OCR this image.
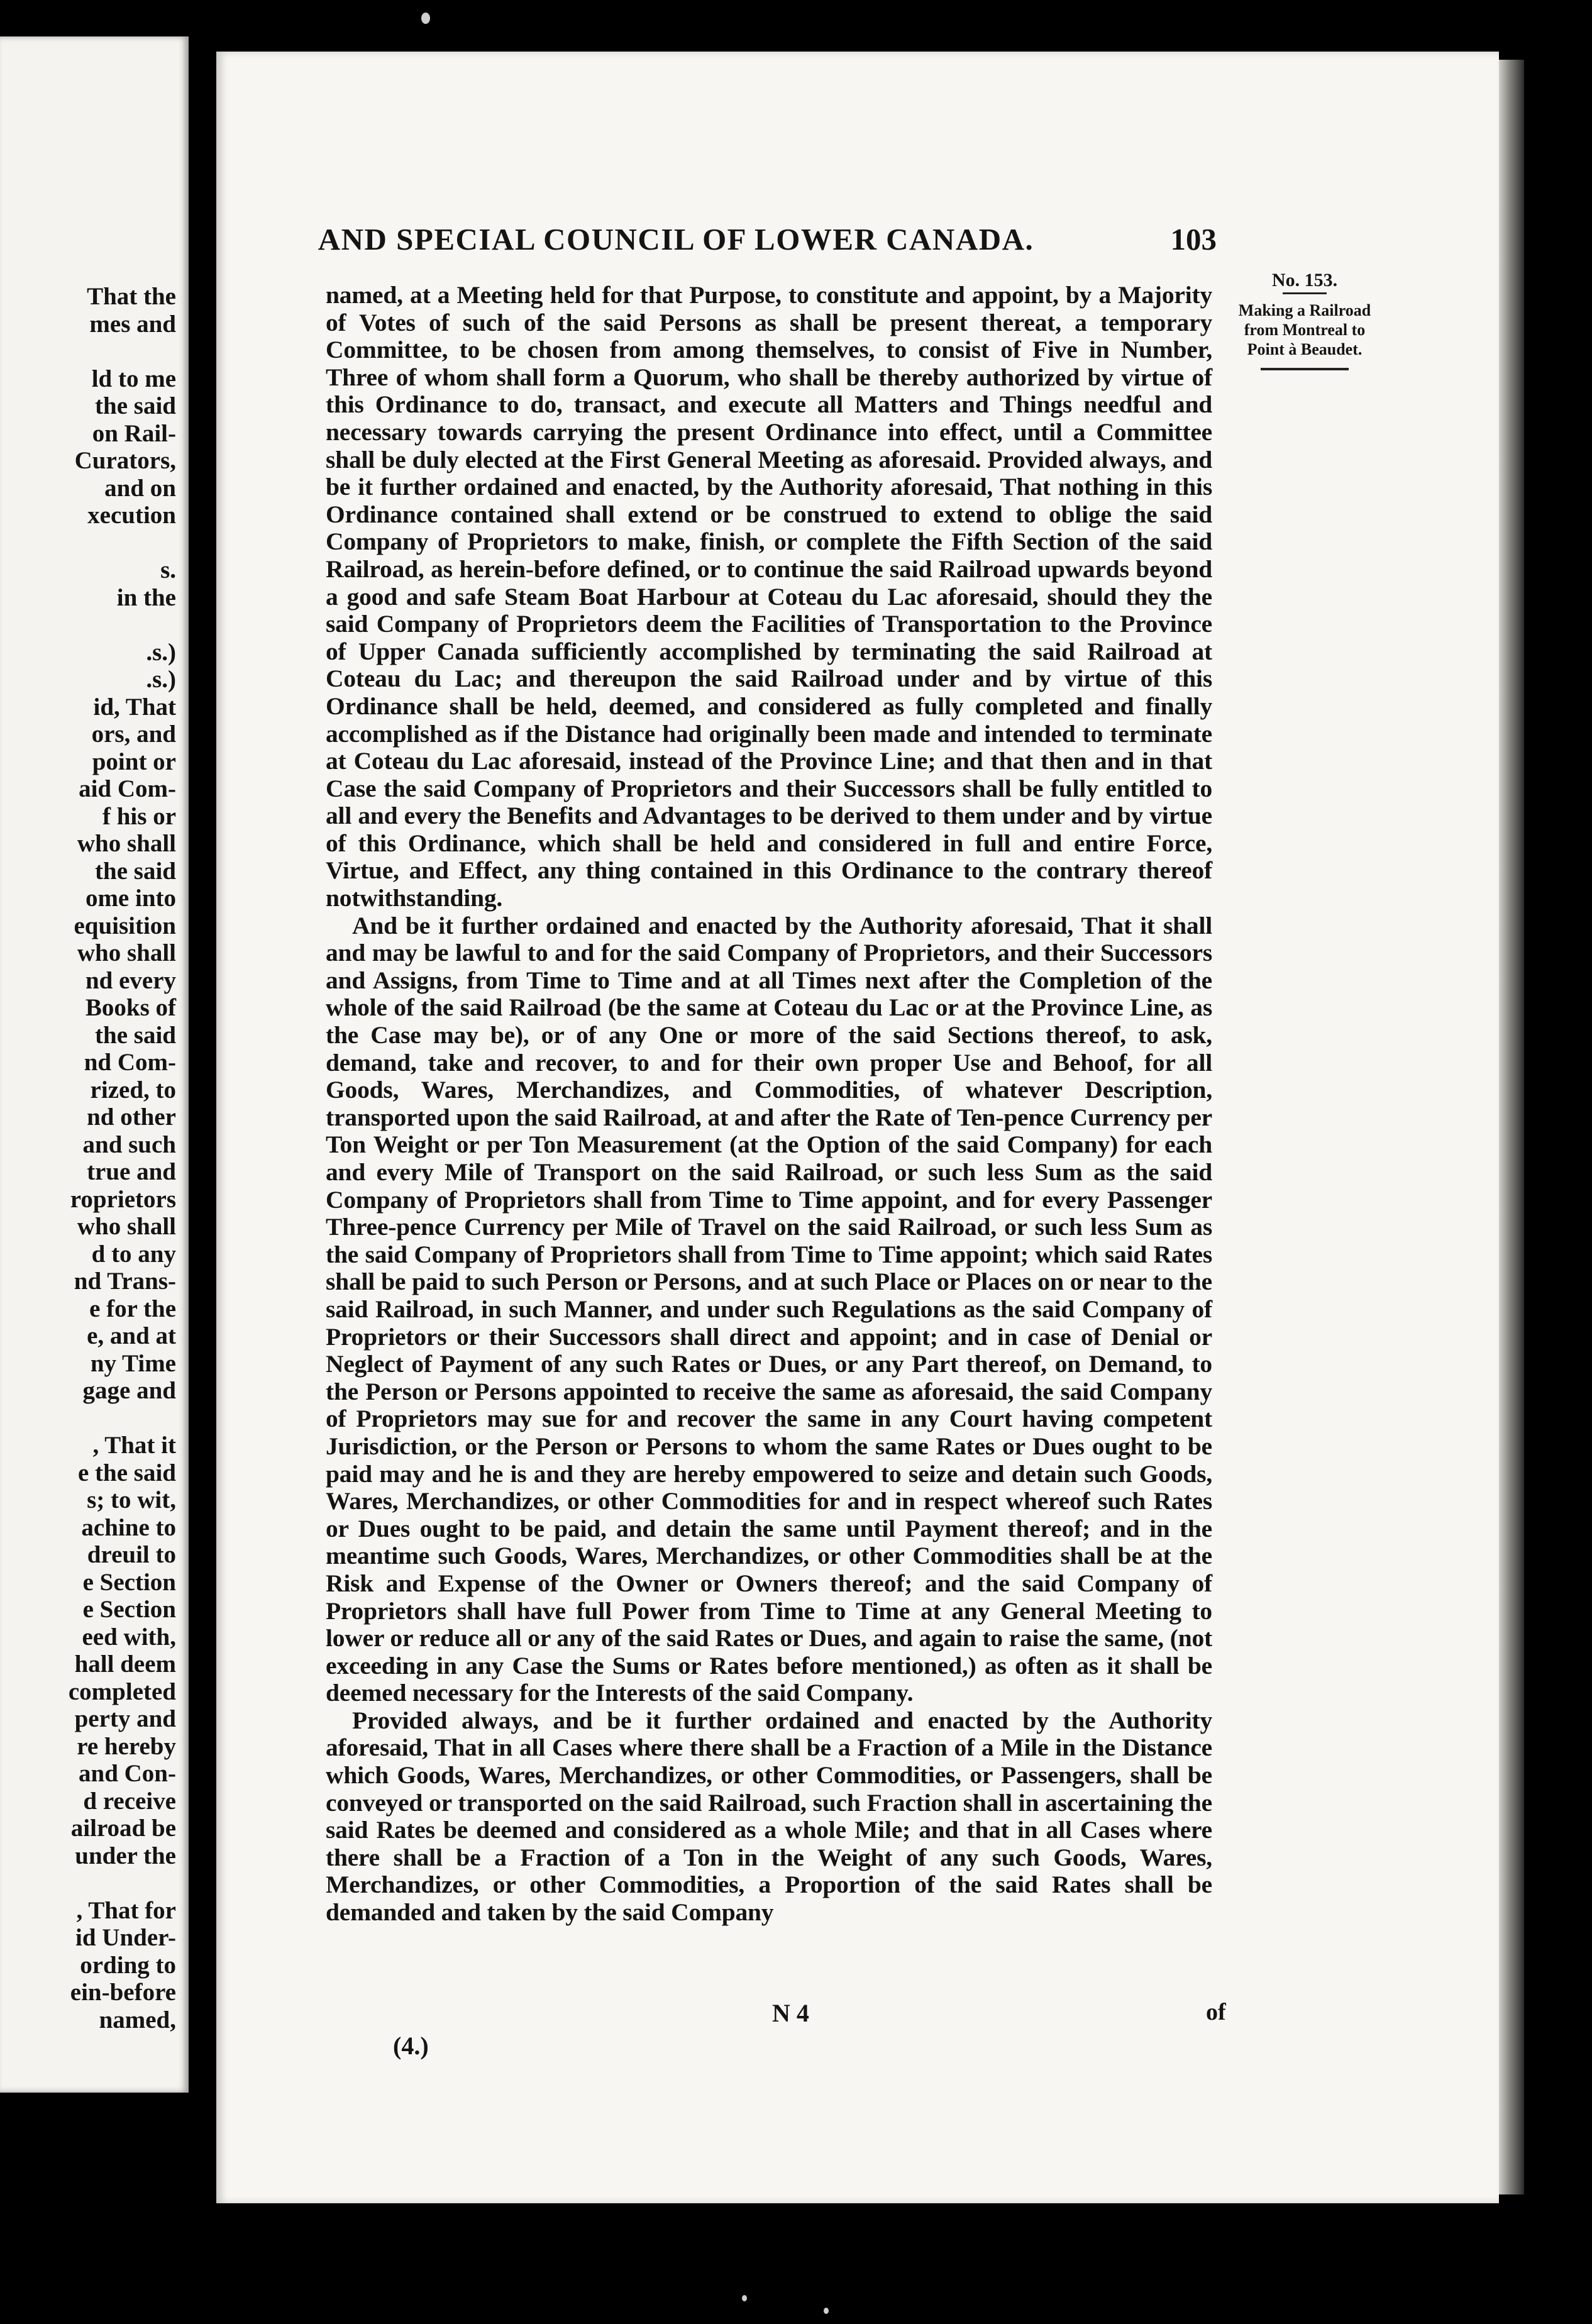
That the
mes and
ld to me
the said
on Rail-
Curators,
and on
xecution
s.
in the
.s.)
.s.)
id, That
ors, and
point or
aid Com-
f his or
who shall
the said
ome into
equisition
who shall
nd every
Books of
the said
nd Com-
rized, to
nd other
and such
true and
roprietors
who shall
d to any
nd Trans-
e for the
e, and at
ny Time
gage and
, That it
e the said
s; to wit,
achine to
dreuil to
e Section
e Section
eed with,
hall deem
completed
perty and
re hereby
and Con-
d receive
ailroad be
under the
, That for
id Under-
ording to
ein-before
named,
AND SPECIAL COUNCIL OF LOWER CANADA.	103
No. 153.
Making a Railroad
from Montreal to
Point à Beaudet.

named, at a Meeting held for that Purpose, to constitute and appoint, by a Majority of Votes of such of the said Persons as shall be present thereat, a temporary Committee, to be chosen from among themselves, to consist of Five in Number, Three of whom shall form a Quorum, who shall be thereby authorized by virtue of this Ordinance to do, transact, and execute all Matters and Things needful and necessary towards carrying the present Ordinance into effect, until a Committee shall be duly elected at the First General Meeting as aforesaid. Provided always, and be it further ordained and enacted, by the Authority aforesaid, That nothing in this Ordinance contained shall extend or be construed to extend to oblige the said Company of Proprietors to make, finish, or complete the Fifth Section of the said Railroad, as herein-before defined, or to continue the said Railroad upwards beyond a good and safe Steam Boat Harbour at Coteau du Lac aforesaid, should they the said Company of Proprietors deem the Facilities of Transportation to the Province of Upper Canada sufficiently accomplished by terminating the said Railroad at Coteau du Lac; and thereupon the said Railroad under and by virtue of this Ordinance shall be held, deemed, and considered as fully completed and finally accomplished as if the Distance had originally been made and intended to terminate at Coteau du Lac aforesaid, instead of the Province Line; and that then and in that Case the said Company of Proprietors and their Successors shall be fully entitled to all and every the Benefits and Advantages to be derived to them under and by virtue of this Ordinance, which shall be held and considered in full and entire Force, Virtue, and Effect, any thing contained in this Ordinance to the contrary thereof notwithstanding.

And be it further ordained and enacted by the Authority aforesaid, That it shall and may be lawful to and for the said Company of Proprietors, and their Successors and Assigns, from Time to Time and at all Times next after the Completion of the whole of the said Railroad (be the same at Coteau du Lac or at the Province Line, as the Case may be), or of any One or more of the said Sections thereof, to ask, demand, take and recover, to and for their own proper Use and Behoof, for all Goods, Wares, Merchandizes, and Commodities, of whatever Description, transported upon the said Railroad, at and after the Rate of Ten-pence Currency per Ton Weight or per Ton Measurement (at the Option of the said Company) for each and every Mile of Transport on the said Railroad, or such less Sum as the said Company of Proprietors shall from Time to Time appoint, and for every Passenger Three-pence Currency per Mile of Travel on the said Railroad, or such less Sum as the said Company of Proprietors shall from Time to Time appoint; which said Rates shall be paid to such Person or Persons, and at such Place or Places on or near to the said Railroad, in such Manner, and under such Regulations as the said Company of Proprietors or their Successors shall direct and appoint; and in case of Denial or Neglect of Payment of any such Rates or Dues, or any Part thereof, on Demand, to the Person or Persons appointed to receive the same as aforesaid, the said Company of Proprietors may sue for and recover the same in any Court having competent Jurisdiction, or the Person or Persons to whom the same Rates or Dues ought to be paid may and he is and they are hereby empowered to seize and detain such Goods, Wares, Merchandizes, or other Commodities for and in respect whereof such Rates or Dues ought to be paid, and detain the same until Payment thereof; and in the meantime such Goods, Wares, Merchandizes, or other Commodities shall be at the Risk and Expense of the Owner or Owners thereof; and the said Company of Proprietors shall have full Power from Time to Time at any General Meeting to lower or reduce all or any of the said Rates or Dues, and again to raise the same, (not exceeding in any Case the Sums or Rates before mentioned,) as often as it shall be deemed necessary for the Interests of the said Company.

Provided always, and be it further ordained and enacted by the Authority aforesaid, That in all Cases where there shall be a Fraction of a Mile in the Distance which Goods, Wares, Merchandizes, or other Commodities, or Passengers, shall be conveyed or transported on the said Railroad, such Fraction shall in ascertaining the said Rates be deemed and considered as a whole Mile; and that in all Cases where there shall be a Fraction of a Ton in the Weight of any such Goods, Wares, Merchandizes, or other Commodities, a Proportion of the said Rates shall be demanded and taken by the said Company

(4.)
N 4	of
